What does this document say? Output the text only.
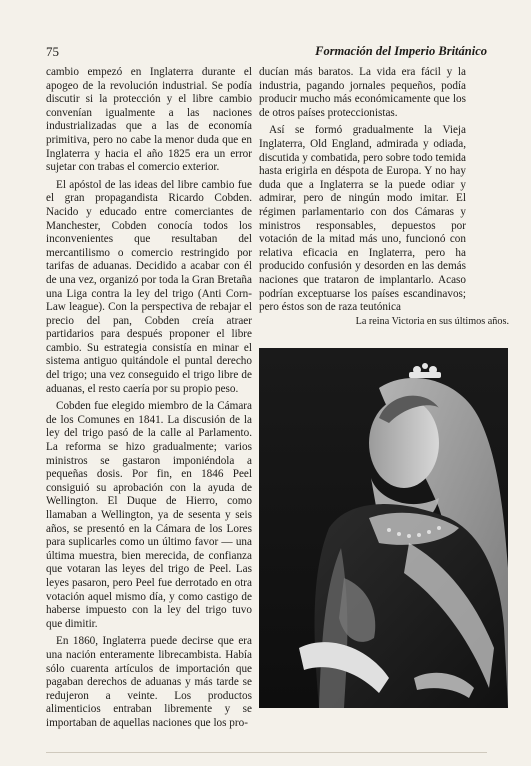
75	Formación del Imperio Británico

cambio empezó en Inglaterra durante el apogeo de la revolución industrial. Se podía discutir si la protección y el libre cambio convenían igualmente a las naciones industrializadas que a las de economía primitiva, pero no cabe la menor duda que en Inglaterra y hacia el año 1825 era un error sujetar con trabas el comercio exterior.

El apóstol de las ideas del libre cambio fue el gran propagandista Ricardo Cobden. Nacido y educado entre comerciantes de Manchester, Cobden conocía todos los inconvenientes que resultaban del mercantilismo o comercio restringido por tarifas de aduanas. Decidido a acabar con él de una vez, organizó por toda la Gran Bretaña una Liga contra la ley del trigo (Anti Corn-Law league). Con la perspectiva de rebajar el precio del pan, Cobden creía atraer partidarios para después proponer el libre cambio. Su estrategia consistía en minar el sistema antiguo quitándole el puntal derecho del trigo; una vez conseguido el trigo libre de aduanas, el resto caería por su propio peso.

Cobden fue elegido miembro de la Cámara de los Comunes en 1841. La discusión de la ley del trigo pasó de la calle al Parlamento. La reforma se hizo gradualmente; varios ministros se gastaron imponiéndola a pequeñas dosis. Por fin, en 1846 Peel consiguió su aprobación con la ayuda de Wellington. El Duque de Hierro, como llamaban a Wellington, ya de sesenta y seis años, se presentó en la Cámara de los Lores para suplicarles como un último favor — una última muestra, bien merecida, de confianza que votaran las leyes del trigo de Peel. Las leyes pasaron, pero Peel fue derrotado en otra votación aquel mismo día, y como castigo de haberse impuesto con la ley del trigo tuvo que dimitir.

En 1860, Inglaterra puede decirse que era una nación enteramente librecambista. Había sólo cuarenta artículos de importación que pagaban derechos de aduanas y más tarde se redujeron a veinte. Los productos alimenticios entraban libremente y se importaban de aquellas naciones que los pro-

ducían más baratos. La vida era fácil y la industria, pagando jornales pequeños, podía producir mucho más económicamente que los de otros países proteccionistas.

Así se formó gradualmente la Vieja Inglaterra, Old England, admirada y odiada, discutida y combatida, pero sobre todo temida hasta erigirla en déspota de Europa. Y no hay duda que a Inglaterra se la puede odiar y admirar, pero de ningún modo imitar. El régimen parlamentario con dos Cámaras y ministros responsables, depuestos por votación de la mitad más uno, funcionó con relativa eficacia en Inglaterra, pero ha producido confusión y desorden en las demás naciones que trataron de implantarlo. Acaso podrían exceptuarse los países escandinavos; pero éstos son de raza teutónica

La reina Victoria en sus últimos años.
